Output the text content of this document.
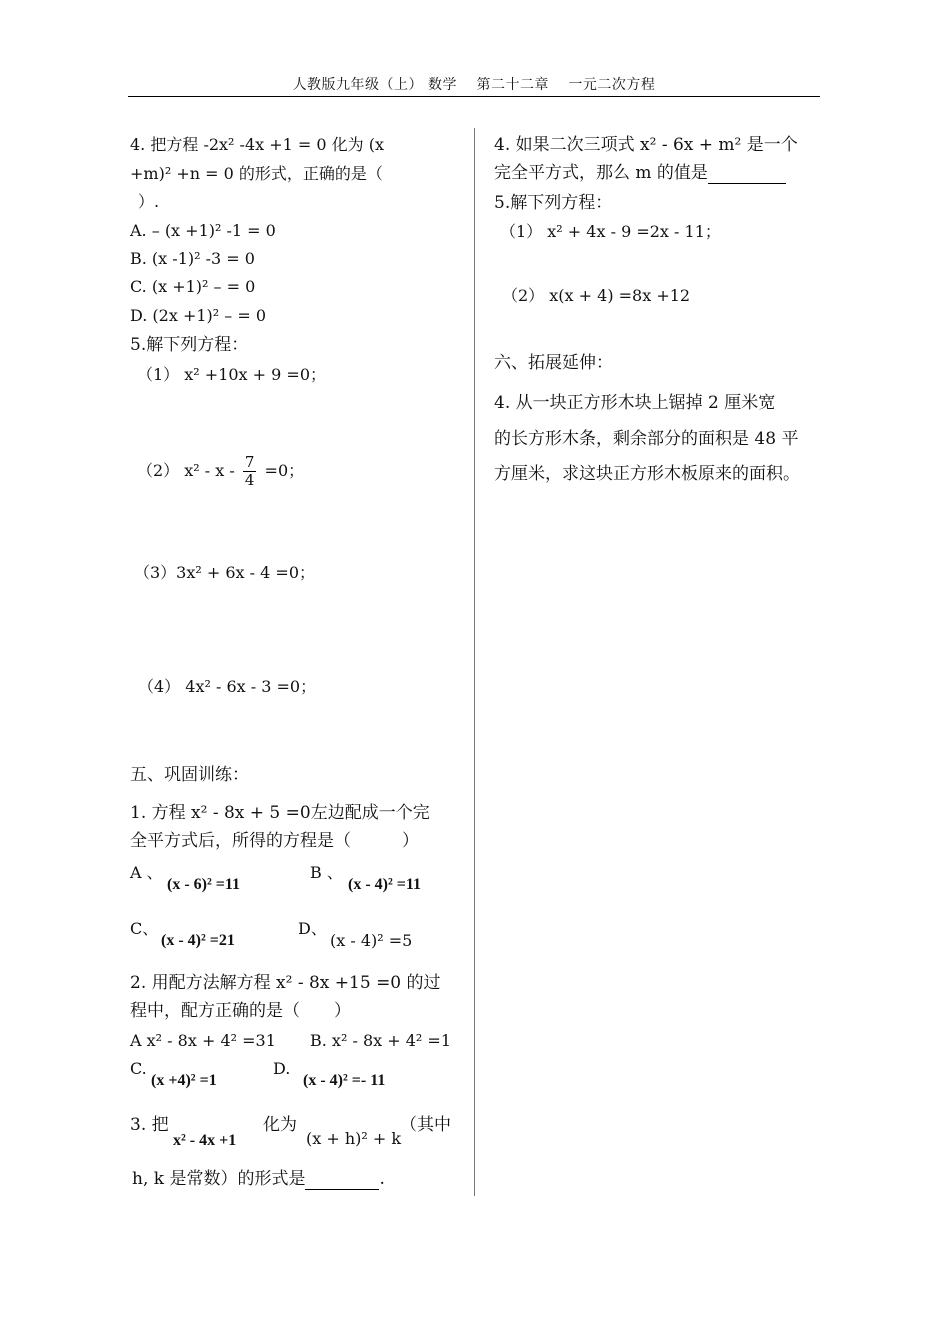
人教版九年级（上） 数学 　第二十二章 　一元二次方程
4. 把方程 -2x² -4x +1 = 0 化为 (x
+m)² +n = 0 的形式，正确的是（
）.
A. – (x +1)² -1 = 0
B. (x -1)² -3 = 0
C. (x +1)² – = 0
D. (2x +1)² – = 0
5.解下列方程：
（1） x² +10x + 9 =0；
（2） $x^2 - x - \frac{7}{4} =0$；
（3）3x² + 6x - 4 =0；
（4） 4x² - 6x - 3 =0；
五、巩固训练：
1. 方程 x² - 8x + 5 =0左边配成一个完
全平方式后，所得的方程是（　　　）
A 、
(x - 6)² =11
B 、
(x - 4)² =11
C、
(x - 4)² =21
D、
(x - 4)² =5
2. 用配方法解方程 x² - 8x +15 =0 的过
程中，配方正确的是（　　）
A x² - 8x + 4² =31 B. x² - 8x + 4² =1
C.
(x +4)² =1
D.
(x - 4)² =- 11
3. 把
x² - 4x +1
化为
(x + h)² + k
（其中
h, k 是常数）的形式是	.
4. 如果二次三项式 x² - 6x + m² 是一个
完全平方式，那么 m 的值是
5.解下列方程：
（1） x² + 4x - 9 =2x - 11；
（2） x(x + 4) =8x +12
六、拓展延伸：
4. 从一块正方形木块上锯掉 2 厘米宽
的长方形木条，剩余部分的面积是 48 平
方厘米，求这块正方形木板原来的面积。
